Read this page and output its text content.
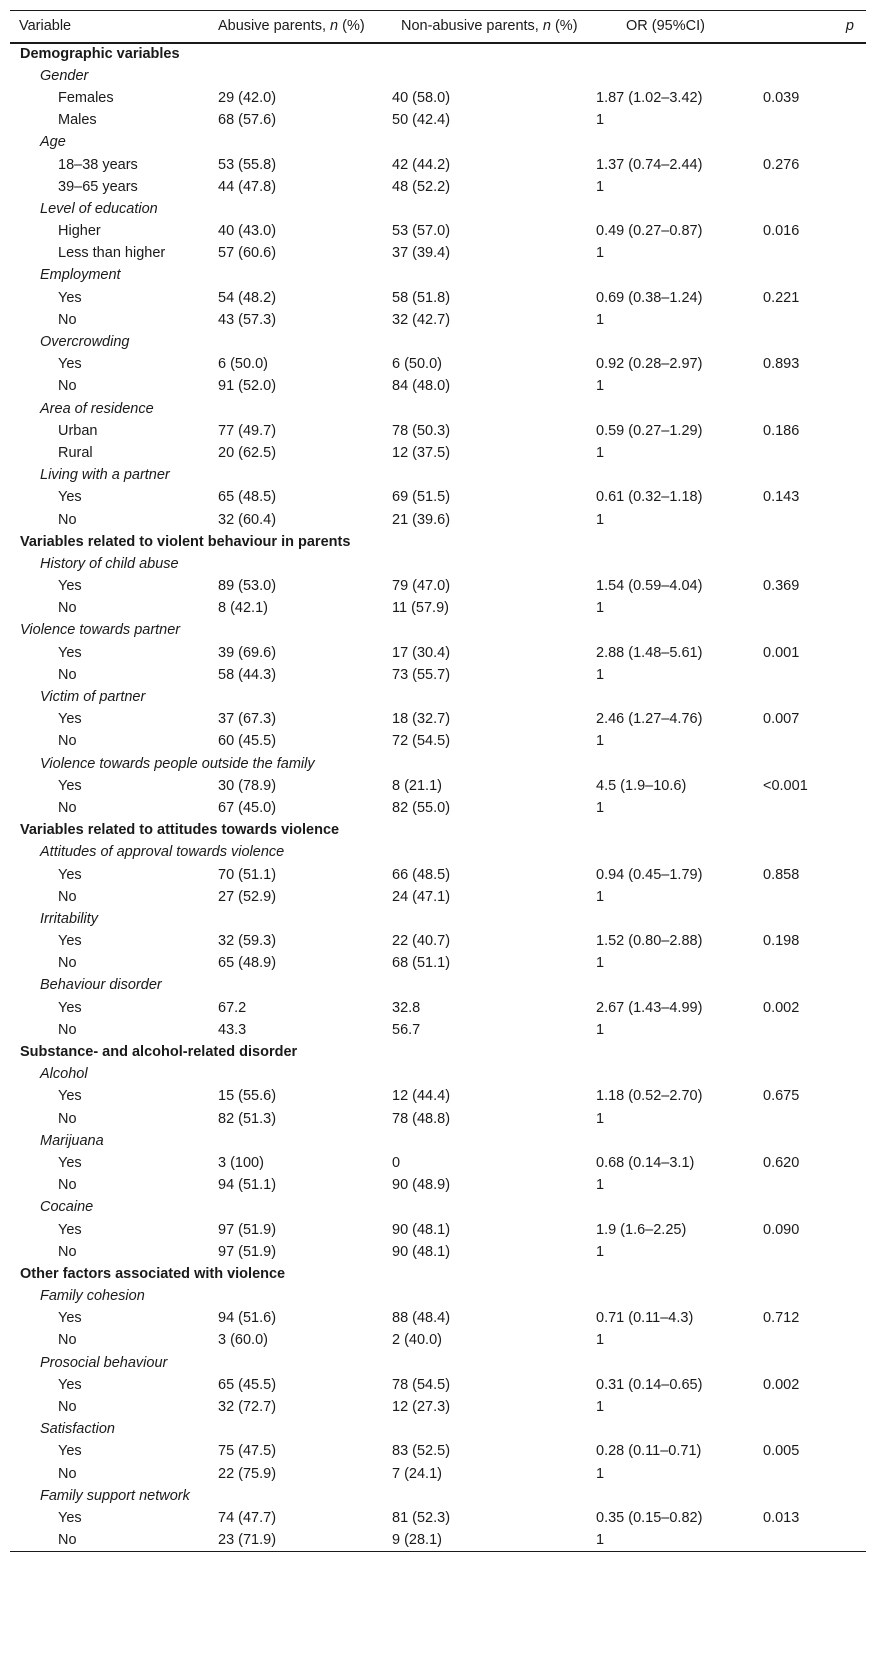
Variable	Abusive parents, n (%)	Non-abusive parents, n (%)	OR (95%CI)	p
Demographic variables				
Gender				
Females	29 (42.0)	40 (58.0)	1.87 (1.02–3.42)	0.039
Males	68 (57.6)	50 (42.4)	1	
Age				
18–38 years	53 (55.8)	42 (44.2)	1.37 (0.74–2.44)	0.276
39–65 years	44 (47.8)	48 (52.2)	1	
Level of education				
Higher	40 (43.0)	53 (57.0)	0.49 (0.27–0.87)	0.016
Less than higher	57 (60.6)	37 (39.4)	1	
Employment				
Yes	54 (48.2)	58 (51.8)	0.69 (0.38–1.24)	0.221
No	43 (57.3)	32 (42.7)	1	
Overcrowding				
Yes	6 (50.0)	6 (50.0)	0.92 (0.28–2.97)	0.893
No	91 (52.0)	84 (48.0)	1	
Area of residence				
Urban	77 (49.7)	78 (50.3)	0.59 (0.27–1.29)	0.186
Rural	20 (62.5)	12 (37.5)	1	
Living with a partner				
Yes	65 (48.5)	69 (51.5)	0.61 (0.32–1.18)	0.143
No	32 (60.4)	21 (39.6)	1	
Variables related to violent behaviour in parents				
History of child abuse				
Yes	89 (53.0)	79 (47.0)	1.54 (0.59–4.04)	0.369
No	8 (42.1)	11 (57.9)	1	
Violence towards partner				
Yes	39 (69.6)	17 (30.4)	2.88 (1.48–5.61)	0.001
No	58 (44.3)	73 (55.7)	1	
Victim of partner				
Yes	37 (67.3)	18 (32.7)	2.46 (1.27–4.76)	0.007
No	60 (45.5)	72 (54.5)	1	
Violence towards people outside the family				
Yes	30 (78.9)	8 (21.1)	4.5 (1.9–10.6)	<0.001
No	67 (45.0)	82 (55.0)	1	
Variables related to attitudes towards violence				
Attitudes of approval towards violence				
Yes	70 (51.1)	66 (48.5)	0.94 (0.45–1.79)	0.858
No	27 (52.9)	24 (47.1)	1	
Irritability				
Yes	32 (59.3)	22 (40.7)	1.52 (0.80–2.88)	0.198
No	65 (48.9)	68 (51.1)	1	
Behaviour disorder				
Yes	67.2	32.8	2.67 (1.43–4.99)	0.002
No	43.3	56.7	1	
Substance- and alcohol-related disorder				
Alcohol				
Yes	15 (55.6)	12 (44.4)	1.18 (0.52–2.70)	0.675
No	82 (51.3)	78 (48.8)	1	
Marijuana				
Yes	3 (100)	0	0.68 (0.14–3.1)	0.620
No	94 (51.1)	90 (48.9)	1	
Cocaine				
Yes	97 (51.9)	90 (48.1)	1.9 (1.6–2.25)	0.090
No	97 (51.9)	90 (48.1)	1	
Other factors associated with violence				
Family cohesion				
Yes	94 (51.6)	88 (48.4)	0.71 (0.11–4.3)	0.712
No	3 (60.0)	2 (40.0)	1	
Prosocial behaviour				
Yes	65 (45.5)	78 (54.5)	0.31 (0.14–0.65)	0.002
No	32 (72.7)	12 (27.3)	1	
Satisfaction				
Yes	75 (47.5)	83 (52.5)	0.28 (0.11–0.71)	0.005
No	22 (75.9)	7 (24.1)	1	
Family support network				
Yes	74 (47.7)	81 (52.3)	0.35 (0.15–0.82)	0.013
No	23 (71.9)	9 (28.1)	1	
